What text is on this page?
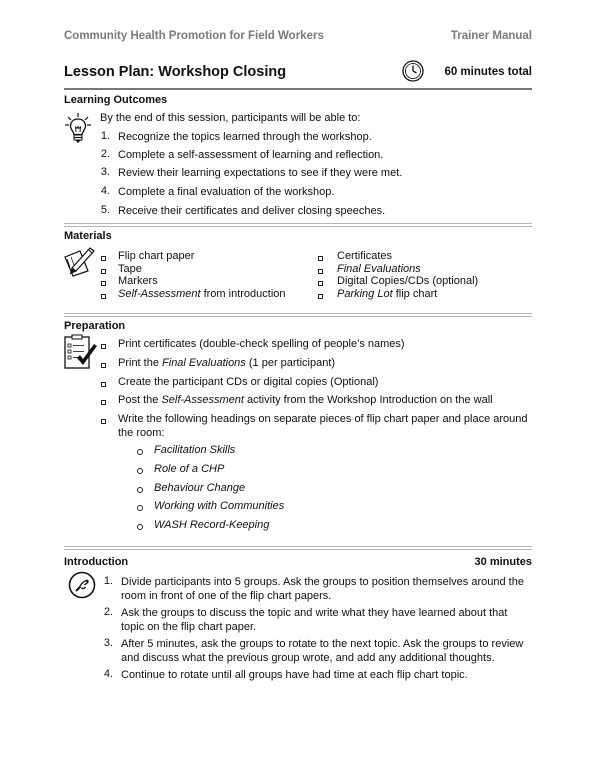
Community Health Promotion for Field Workers	Trainer Manual
Lesson Plan: Workshop Closing	60 minutes total
Learning Outcomes
By the end of this session, participants will be able to:
1. Recognize the topics learned through the workshop.
2. Complete a self-assessment of learning and reflection.
3. Review their learning expectations to see if they were met.
4. Complete a final evaluation of the workshop.
5. Receive their certificates and deliver closing speeches.
Materials
Flip chart paper
Tape
Markers
Self-Assessment from introduction
Certificates
Final Evaluations
Digital Copies/CDs (optional)
Parking Lot flip chart
Preparation
Print certificates (double-check spelling of people’s names)
Print the Final Evaluations (1 per participant)
Create the participant CDs or digital copies (Optional)
Post the Self-Assessment activity from the Workshop Introduction on the wall
Write the following headings on separate pieces of flip chart paper and place around the room:
Facilitation Skills
Role of a CHP
Behaviour Change
Working with Communities
WASH Record-Keeping
Introduction	30 minutes
1. Divide participants into 5 groups. Ask the groups to position themselves around the room in front of one of the flip chart papers.
2. Ask the groups to discuss the topic and write what they have learned about that topic on the flip chart paper.
3. After 5 minutes, ask the groups to rotate to the next topic. Ask the groups to review and discuss what the previous group wrote, and add any additional thoughts.
4. Continue to rotate until all groups have had time at each flip chart topic.
